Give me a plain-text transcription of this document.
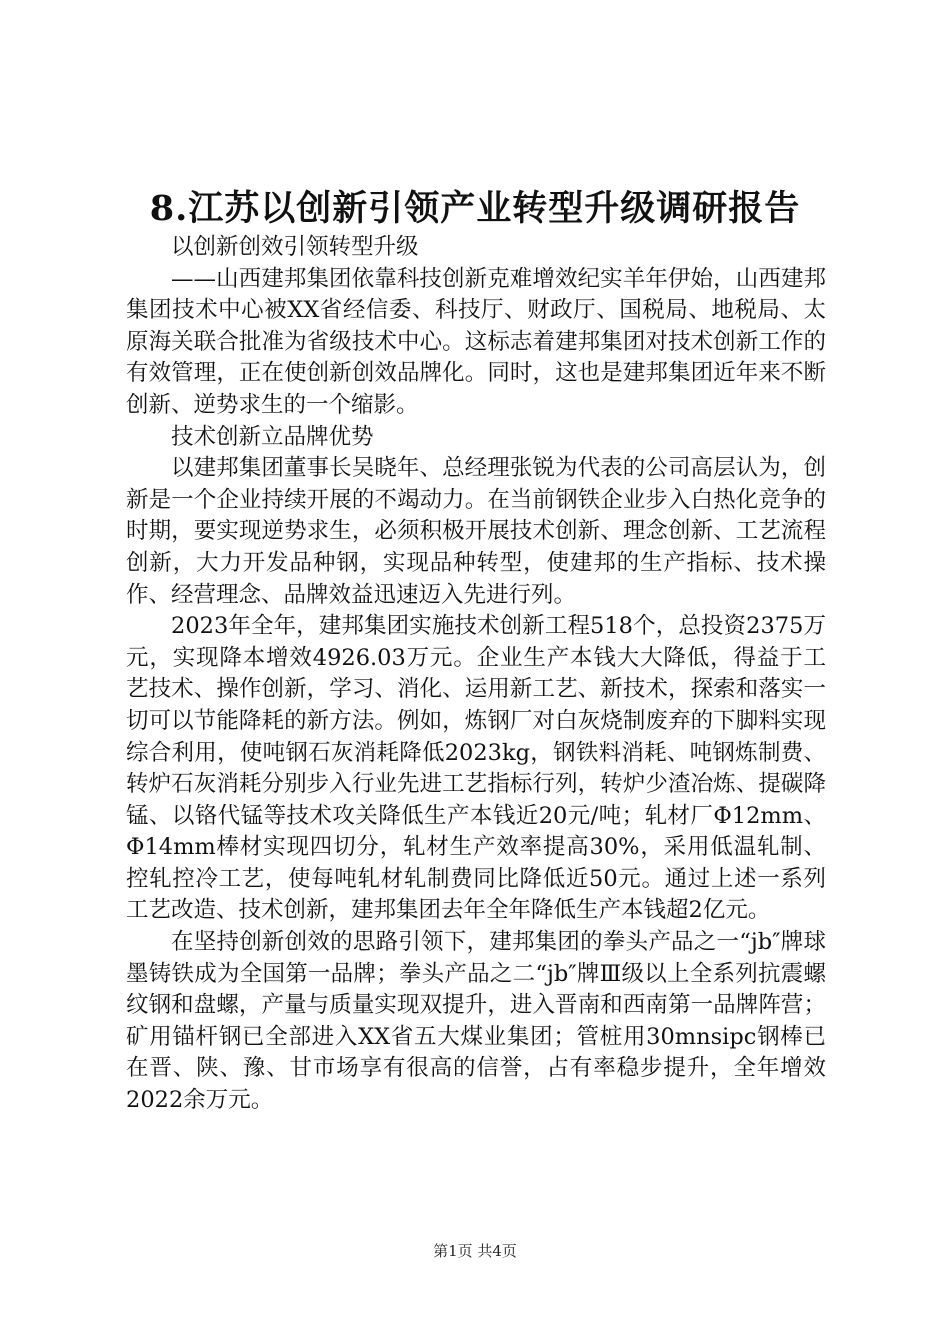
8.江苏以创新引领产业转型升级调研报告

以创新创效引领转型升级

——山西建邦集团依靠科技创新克难增效纪实羊年伊始，山西建邦集团技术中心被XX省经信委、科技厅、财政厅、国税局、地税局、太原海关联合批准为省级技术中心。这标志着建邦集团对技术创新工作的有效管理，正在使创新创效品牌化。同时，这也是建邦集团近年来不断创新、逆势求生的一个缩影。

技术创新立品牌优势

以建邦集团董事长吴晓年、总经理张锐为代表的公司高层认为，创新是一个企业持续开展的不竭动力。在当前钢铁企业步入白热化竞争的时期，要实现逆势求生，必须积极开展技术创新、理念创新、工艺流程创新，大力开发品种钢，实现品种转型，使建邦的生产指标、技术操作、经营理念、品牌效益迅速迈入先进行列。

2023年全年，建邦集团实施技术创新工程518个，总投资2375万元，实现降本增效4926.03万元。企业生产本钱大大降低，得益于工艺技术、操作创新，学习、消化、运用新工艺、新技术，探索和落实一切可以节能降耗的新方法。例如，炼钢厂对白灰烧制废弃的下脚料实现综合利用，使吨钢石灰消耗降低2023kg，钢铁料消耗、吨钢炼制费、转炉石灰消耗分别步入行业先进工艺指标行列，转炉少渣冶炼、提碳降锰、以铬代锰等技术攻关降低生产本钱近20元/吨；轧材厂Φ12mm、Φ14mm棒材实现四切分，轧材生产效率提高30%，采用低温轧制、控轧控冷工艺，使每吨轧材轧制费同比降低近50元。通过上述一系列工艺改造、技术创新，建邦集团去年全年降低生产本钱超2亿元。

在坚持创新创效的思路引领下，建邦集团的拳头产品之一“jb″牌球墨铸铁成为全国第一品牌；拳头产品之二“jb″牌Ⅲ级以上全系列抗震螺纹钢和盘螺，产量与质量实现双提升，进入晋南和西南第一品牌阵营；矿用锚杆钢已全部进入XX省五大煤业集团；管桩用30mnsipc钢棒已在晋、陕、豫、甘市场享有很高的信誉，占有率稳步提升，全年增效2022余万元。

第1页 共4页
